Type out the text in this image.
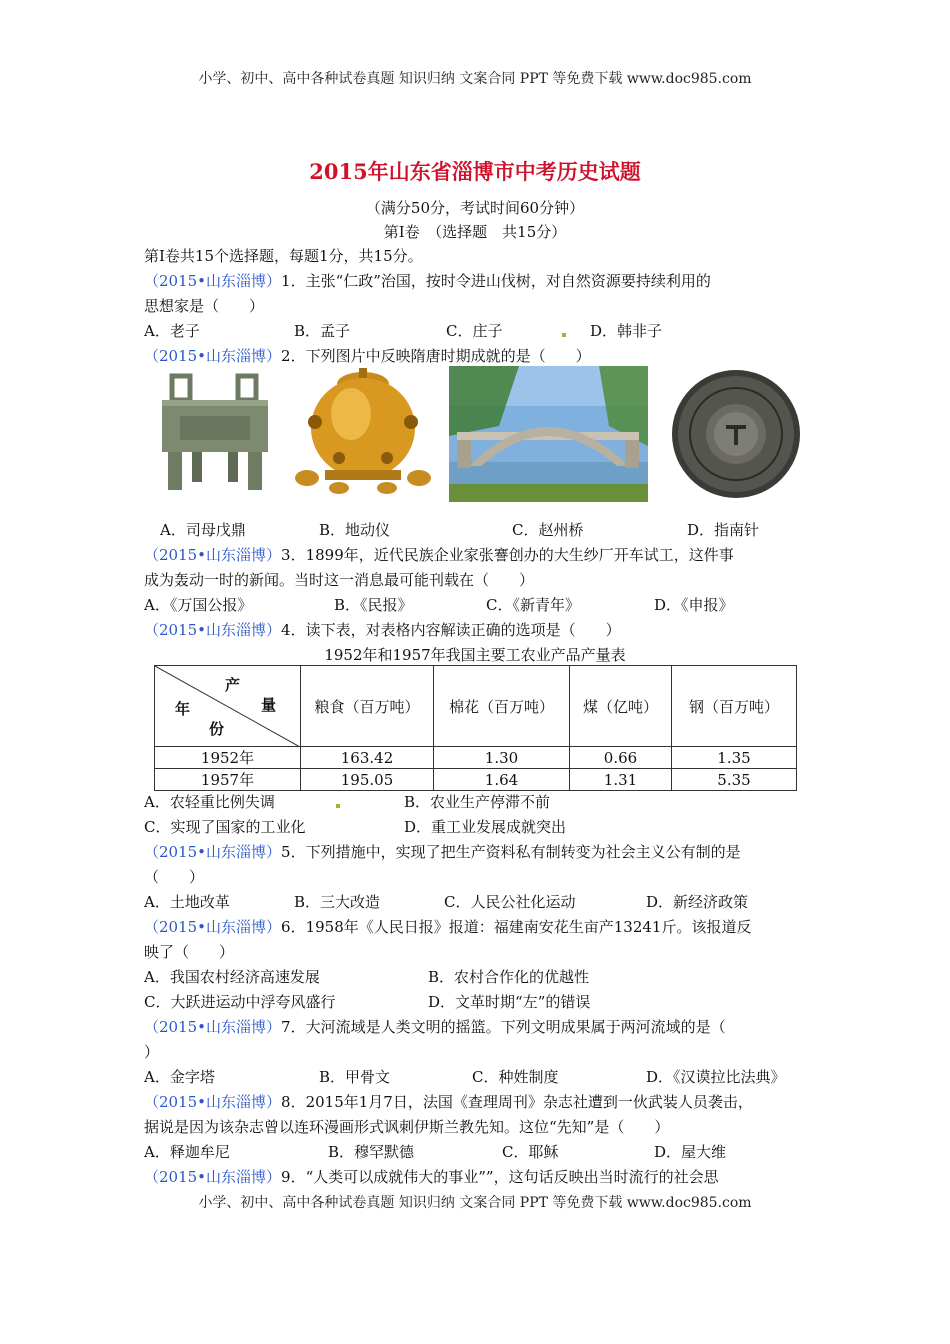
小学、初中、高中各种试卷真题 知识归纳 文案合同 PPT 等免费下载 www.doc985.com
2015年山东省淄博市中考历史试题
（满分50分，考试时间60分钟）
第Ⅰ卷　（选择题　共15分）
第Ⅰ卷共15个选择题，每题1分，共15分。
（2015•山东淄博）1．主张“仁政”治国，按时令进山伐树，对自然资源要持续利用的
思想家是（　　）
A．老子	B．孟子	C．庄子	D．韩非子
（2015•山东淄博）2．下列图片中反映隋唐时期成就的是（　　）
A．司母戊鼎	B．地动仪	C．赵州桥	D．指南针
（2015•山东淄博）3．1899年，近代民族企业家张謇创办的大生纱厂开车试工，这件事
成为轰动一时的新闻。当时这一消息最可能刊载在（　　）
A．《万国公报》	B．《民报》	C．《新青年》	D．《申报》
（2015•山东淄博）4．读下表，对表格内容解读正确的选项是（　　）
1952年和1957年我国主要工农业产品产量表
产
量
年
份	粮食（百万吨）	棉花（百万吨）	煤（亿吨）	钢（百万吨）
1952年	163.42	1.30	0.66	1.35
1957年	195.05	1.64	1.31	5.35
A．农轻重比例失调	B．农业生产停滞不前
C．实现了国家的工业化	D．重工业发展成就突出
（2015•山东淄博）5．下列措施中，实现了把生产资料私有制转变为社会主义公有制的是
（　　）
A．土地改革	B．三大改造	C．人民公社化运动	D．新经济政策
（2015•山东淄博）6．1958年《人民日报》报道：福建南安花生亩产13241斤。该报道反
映了（　　）
A．我国农村经济高速发展	B．农村合作化的优越性
C．大跃进运动中浮夸风盛行	D．文革时期“左”的错误
（2015•山东淄博）7．大河流域是人类文明的摇篮。下列文明成果属于两河流域的是（
）
A．金字塔	B．甲骨文	C．种姓制度	D．《汉谟拉比法典》
（2015•山东淄博）8．2015年1月7日，法国《查理周刊》杂志社遭到一伙武装人员袭击，
据说是因为该杂志曾以连环漫画形式讽刺伊斯兰教先知。这位“先知”是（　　）
A．释迦牟尼	B．穆罕默德	C．耶稣	D．屋大维
（2015•山东淄博）9．“人类可以成就伟大的事业””，这句话反映出当时流行的社会思
小学、初中、高中各种试卷真题 知识归纳 文案合同 PPT 等免费下载 www.doc985.com
